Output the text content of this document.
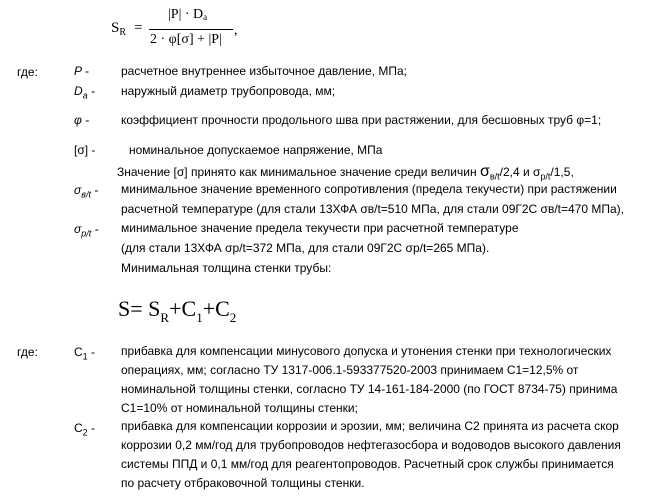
$S_R$ =
$|P| \cdot D_a$
2 · φ[σ] + |P|
,
где:	P -	расчетное внутреннее избыточное давление, МПа;
$D_a$ - наружный диаметр трубопровода, мм;
φ -	коэффициент прочности продольного шва при растяжении, для бесшовных труб φ=1;
[σ] -	номинальное допускаемое напряжение, МПа
Значение [σ] принято как минимальное значение среди величин $\sigma_{в/t}/2,4$ и $\sigma_{p/t}/1,5$,
$\sigma_{в/t}$ - минимальное значение временного сопротивления (предела текучести) при растяжении
расчетной температуре (для стали 13ХФА σв/t=510 МПа, для стали 09Г2С σв/t=470 МПа),
$\sigma_{p/t}$ - минимальное значение предела текучести при расчетной температуре
(для стали 13ХФА σp/t=372 МПа, для стали 09Г2С σp/t=265 МПа).
Минимальная толщина стенки трубы:
$S= S_R+C_1+C_2$
где:	$C_1$ - прибавка для компенсации минусового допуска и утонения стенки при технологических
операциях, мм; согласно ТУ 1317-006.1-593377520-2003 принимаем C1=12,5% от
номинальной толщины стенки, согласно ТУ 14-161-184-2000 (по ГОСТ 8734-75) принима
C1=10% от номинальной толщины стенки;
$C_2$ - прибавка для компенсации коррозии и эрозии, мм; величина C2 принята из расчета скор
коррозии 0,2 мм/год для трубопроводов нефтегазосбора и водоводов высокого давления
системы ППД и 0,1 мм/год для реагентопроводов. Расчетный срок службы принимается
по расчету отбраковочной толщины стенки.
